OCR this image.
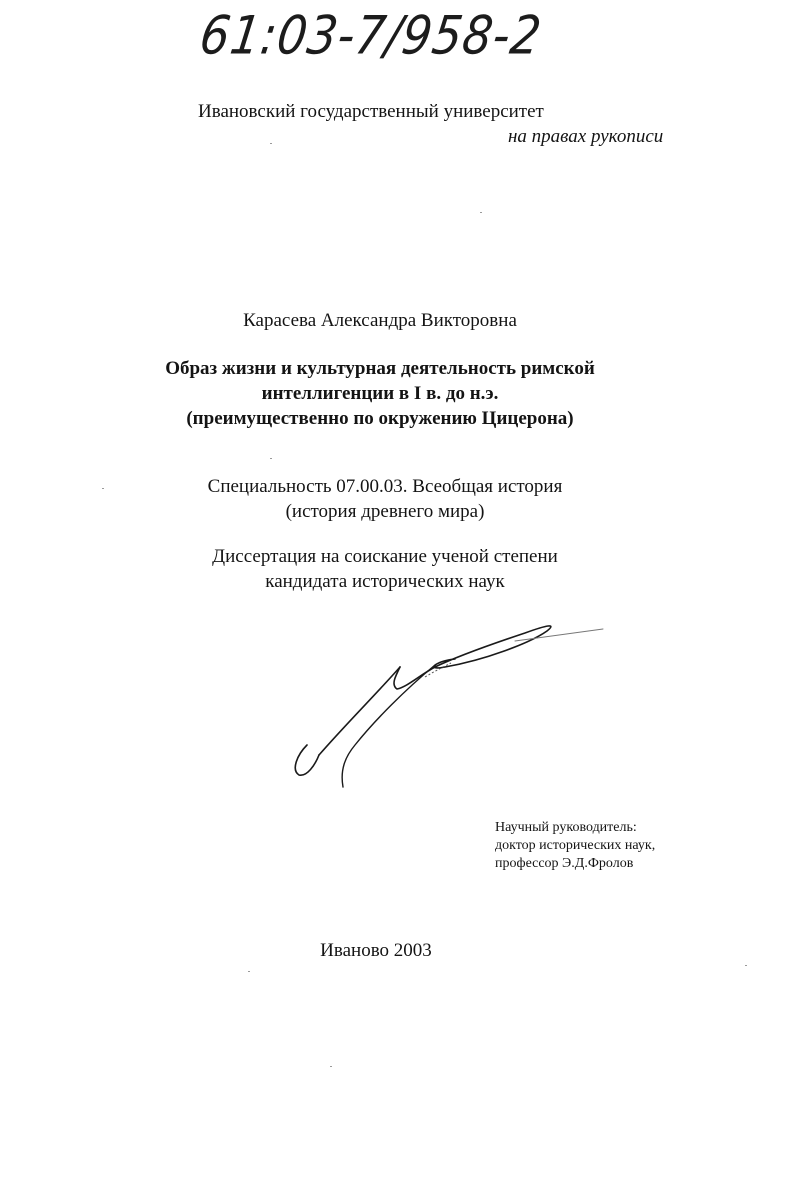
61:03-7/958-2

Ивановский государственный университет

на правах рукописи

Карасева Александра Викторовна

Образ жизни и культурная деятельность римской
интеллигенции в I в. до н.э.
(преимущественно по окружению Цицерона)
Специальность 07.00.03. Всеобщая история
(история древнего мира)
Диссертация на соискание ученой степени
кандидата исторических наук
Научный руководитель:
доктор исторических наук,
профессор Э.Д.Фролов

Иваново 2003
